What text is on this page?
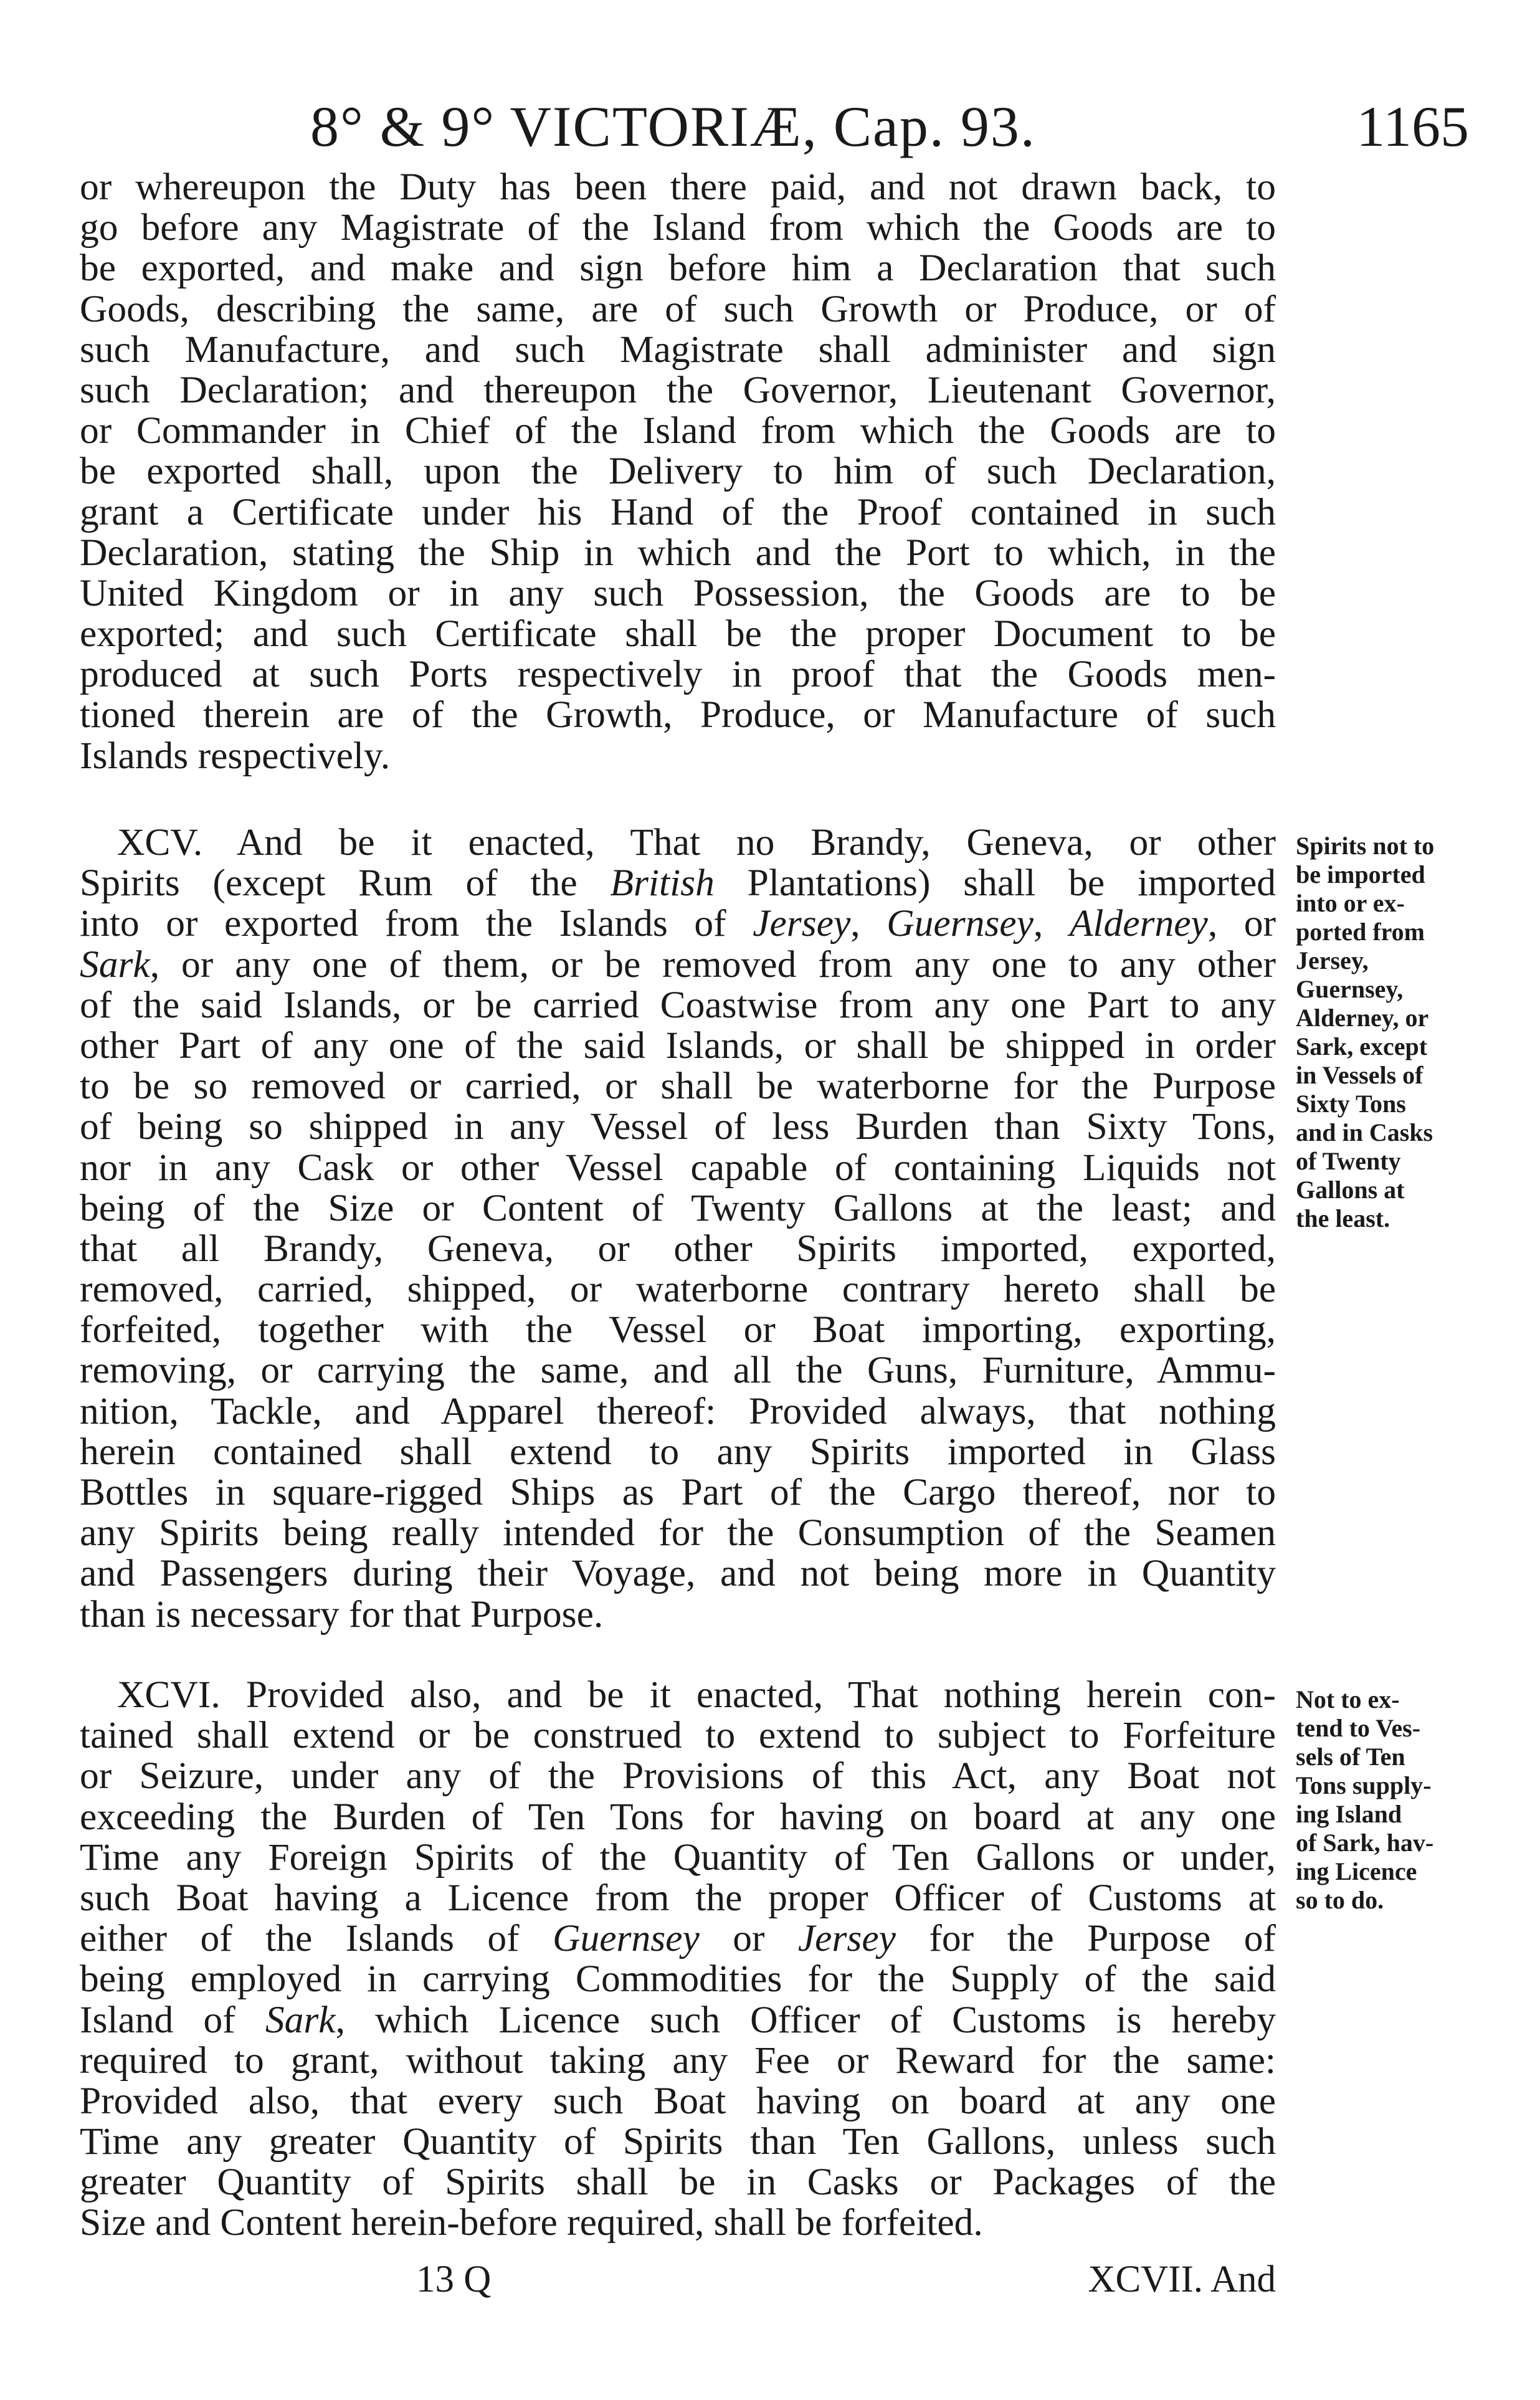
8° & 9° VICTORIÆ, Cap. 93.	1165

or whereupon the Duty has been there paid, and not drawn back, to
go before any Magistrate of the Island from which the Goods are to
be exported, and make and sign before him a Declaration that such
Goods, describing the same, are of such Growth or Produce, or of
such Manufacture, and such Magistrate shall administer and sign
such Declaration; and thereupon the Governor, Lieutenant Governor,
or Commander in Chief of the Island from which the Goods are to
be exported shall, upon the Delivery to him of such Declaration,
grant a Certificate under his Hand of the Proof contained in such
Declaration, stating the Ship in which and the Port to which, in the
United Kingdom or in any such Possession, the Goods are to be
exported; and such Certificate shall be the proper Document to be
produced at such Ports respectively in proof that the Goods men-
tioned therein are of the Growth, Produce, or Manufacture of such
Islands respectively.

XCV. And be it enacted, That no Brandy, Geneva, or other
Spirits (except Rum of the British Plantations) shall be imported
into or exported from the Islands of Jersey, Guernsey, Alderney, or
Sark, or any one of them, or be removed from any one to any other
of the said Islands, or be carried Coastwise from any one Part to any
other Part of any one of the said Islands, or shall be shipped in order
to be so removed or carried, or shall be waterborne for the Purpose
of being so shipped in any Vessel of less Burden than Sixty Tons,
nor in any Cask or other Vessel capable of containing Liquids not
being of the Size or Content of Twenty Gallons at the least; and
that all Brandy, Geneva, or other Spirits imported, exported,
removed, carried, shipped, or waterborne contrary hereto shall be
forfeited, together with the Vessel or Boat importing, exporting,
removing, or carrying the same, and all the Guns, Furniture, Ammu-
nition, Tackle, and Apparel thereof: Provided always, that nothing
herein contained shall extend to any Spirits imported in Glass
Bottles in square-rigged Ships as Part of the Cargo thereof, nor to
any Spirits being really intended for the Consumption of the Seamen
and Passengers during their Voyage, and not being more in Quantity
than is necessary for that Purpose.

Spirits not to
be imported
into or ex-
ported from
Jersey,
Guernsey,
Alderney, or
Sark, except
in Vessels of
Sixty Tons
and in Casks
of Twenty
Gallons at
the least.

XCVI. Provided also, and be it enacted, That nothing herein con-
tained shall extend or be construed to extend to subject to Forfeiture
or Seizure, under any of the Provisions of this Act, any Boat not
exceeding the Burden of Ten Tons for having on board at any one
Time any Foreign Spirits of the Quantity of Ten Gallons or under,
such Boat having a Licence from the proper Officer of Customs at
either of the Islands of Guernsey or Jersey for the Purpose of
being employed in carrying Commodities for the Supply of the said
Island of Sark, which Licence such Officer of Customs is hereby
required to grant, without taking any Fee or Reward for the same:
Provided also, that every such Boat having on board at any one
Time any greater Quantity of Spirits than Ten Gallons, unless such
greater Quantity of Spirits shall be in Casks or Packages of the
Size and Content herein-before required, shall be forfeited.

Not to ex-
tend to Ves-
sels of Ten
Tons supply-
ing Island
of Sark, hav-
ing Licence
so to do.
13 Q	XCVII. And
